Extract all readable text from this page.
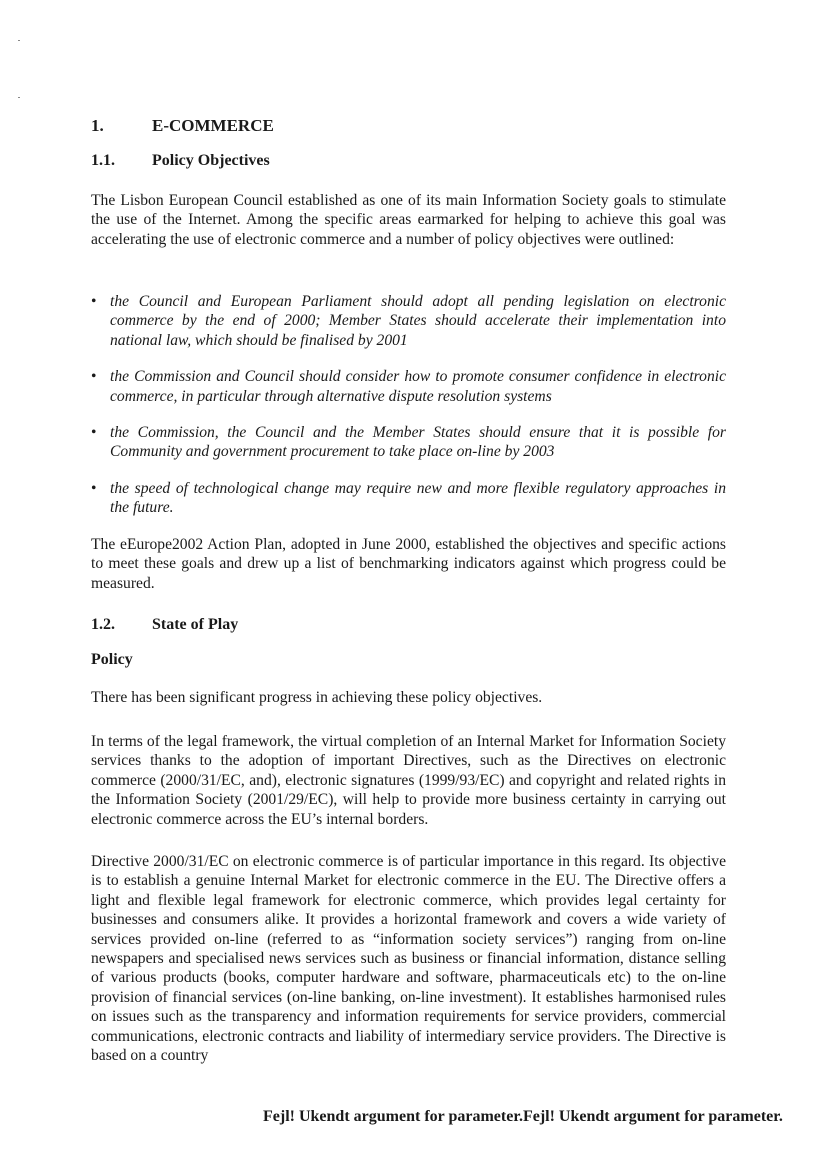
1.	E-COMMERCE
1.1. Policy Objectives

The Lisbon European Council established as one of its main Information Society goals to stimulate the use of the Internet. Among the specific areas earmarked for helping to achieve this goal was accelerating the use of electronic commerce and a number of policy objectives were outlined:

• the Council and European Parliament should adopt all pending legislation on electronic commerce by the end of 2000; Member States should accelerate their implementation into national law, which should be finalised by 2001
• the Commission and Council should consider how to promote consumer confidence in electronic commerce, in particular through alternative dispute resolution systems
• the Commission, the Council and the Member States should ensure that it is possible for Community and government procurement to take place on-line by 2003
• the speed of technological change may require new and more flexible regulatory approaches in the future.

The eEurope2002 Action Plan, adopted in June 2000, established the objectives and specific actions to meet these goals and drew up a list of benchmarking indicators against which progress could be measured.

1.2. State of Play
Policy

There has been significant progress in achieving these policy objectives.

In terms of the legal framework, the virtual completion of an Internal Market for Information Society services thanks to the adoption of important Directives, such as the Directives on electronic commerce (2000/31/EC, and), electronic signatures (1999/93/EC) and copyright and related rights in the Information Society (2001/29/EC), will help to provide more business certainty in carrying out electronic commerce across the EU’s internal borders.

Directive 2000/31/EC on electronic commerce is of particular importance in this regard. Its objective is to establish a genuine Internal Market for electronic commerce in the EU. The Directive offers a light and flexible legal framework for electronic commerce, which provides legal certainty for businesses and consumers alike. It provides a horizontal framework and covers a wide variety of services provided on-line (referred to as “information society services”) ranging from on-line newspapers and specialised news services such as business or financial information, distance selling of various products (books, computer hardware and software, pharmaceuticals etc) to the on-line provision of financial services (on-line banking, on-line investment). It establishes harmonised rules on issues such as the transparency and information requirements for service providers, commercial communications, electronic contracts and liability of intermediary service providers. The Directive is based on a country

Fejl! Ukendt argument for parameter.Fejl! Ukendt argument for parameter.
